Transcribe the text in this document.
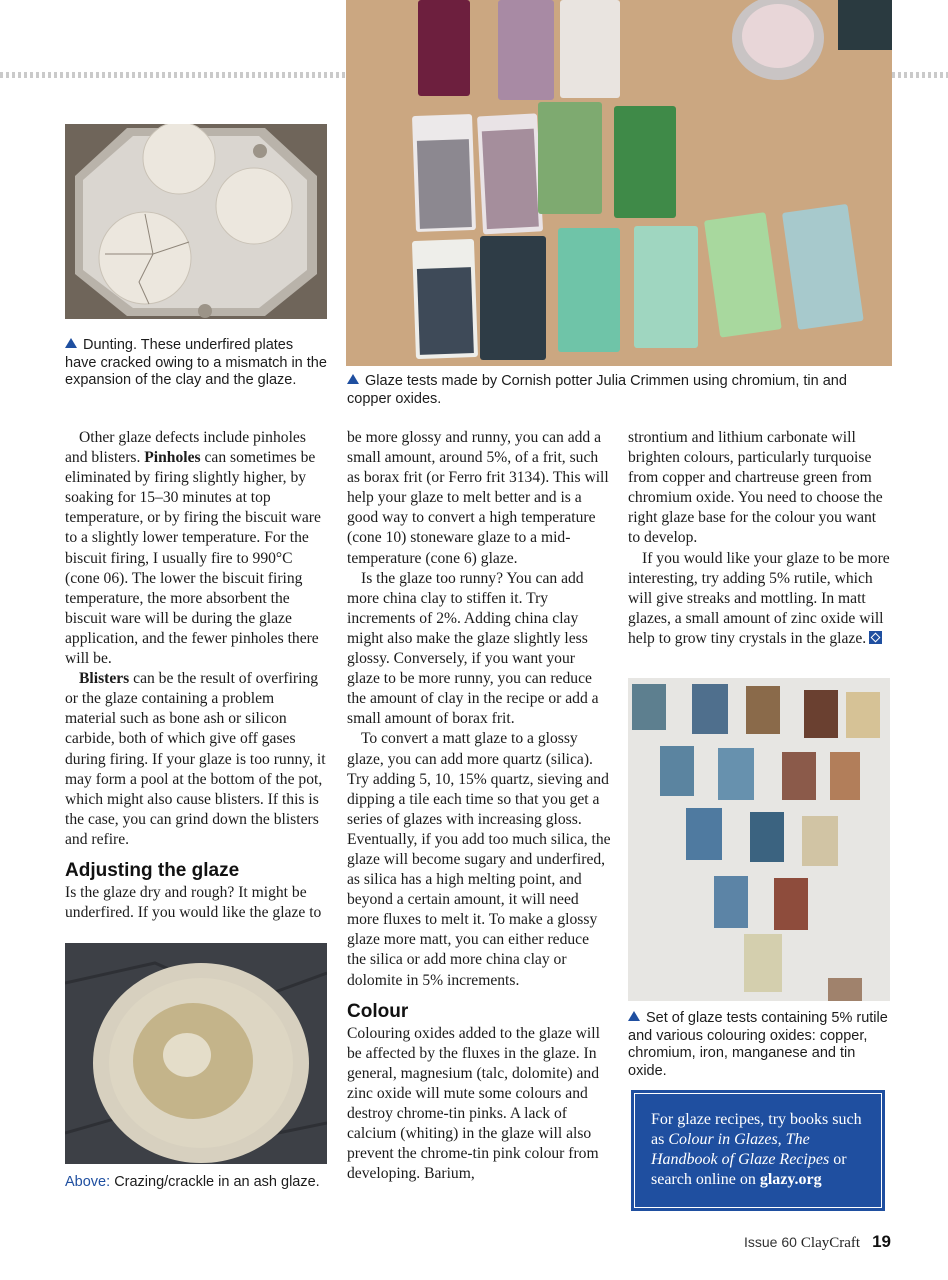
Dunting. These underfired plates have cracked owing to a mismatch in the expansion of the clay and the glaze.	Glaze tests made by Cornish potter Julia Crimmen using chromium, tin and copper oxides.

Other glaze defects include pinholes and blisters. Pinholes can sometimes be eliminated by firing slightly higher, by soaking for 15–30 minutes at top temperature, or by firing the biscuit ware to a slightly lower temperature. For the biscuit firing, I usually fire to 990°C (cone 06). The lower the biscuit firing temperature, the more absorbent the biscuit ware will be during the glaze application, and the fewer pinholes there will be.

Blisters can be the result of overfiring or the glaze containing a problem material such as bone ash or silicon carbide, both of which give off gases during firing. If your glaze is too runny, it may form a pool at the bottom of the pot, which might also cause blisters. If this is the case, you can grind down the blisters and refire.

Adjusting the glaze

Is the glaze dry and rough? It might be underfired. If you would like the glaze to

Above: Crazing/crackle in an ash glaze.

be more glossy and runny, you can add a small amount, around 5%, of a frit, such as borax frit (or Ferro frit 3134). This will help your glaze to melt better and is a good way to convert a high temperature (cone 10) stoneware glaze to a mid-temperature (cone 6) glaze.

Is the glaze too runny? You can add more china clay to stiffen it. Try increments of 2%. Adding china clay might also make the glaze slightly less glossy. Conversely, if you want your glaze to be more runny, you can reduce the amount of clay in the recipe or add a small amount of borax frit.

To convert a matt glaze to a glossy glaze, you can add more quartz (silica). Try adding 5, 10, 15% quartz, sieving and dipping a tile each time so that you get a series of glazes with increasing gloss. Eventually, if you add too much silica, the glaze will become sugary and underfired, as silica has a high melting point, and beyond a certain amount, it will need more fluxes to melt it. To make a glossy glaze more matt, you can either reduce the silica or add more china clay or dolomite in 5% increments.

Colour

Colouring oxides added to the glaze will be affected by the fluxes in the glaze. In general, magnesium (talc, dolomite) and zinc oxide will mute some colours and destroy chrome-tin pinks. A lack of calcium (whiting) in the glaze will also prevent the chrome-tin pink colour from developing. Barium,

strontium and lithium carbonate will brighten colours, particularly turquoise from copper and chartreuse green from chromium oxide. You need to choose the right glaze base for the colour you want to develop.

If you would like your glaze to be more interesting, try adding 5% rutile, which will give streaks and mottling. In matt glazes, a small amount of zinc oxide will help to grow tiny crystals in the glaze.

Set of glaze tests containing 5% rutile and various colouring oxides: copper, chromium, iron, manganese and tin oxide.
For glaze recipes, try books such as Colour in Glazes, The Handbook of Glaze Recipes or search online on glazy.org
Issue 60 ClayCraft 19
